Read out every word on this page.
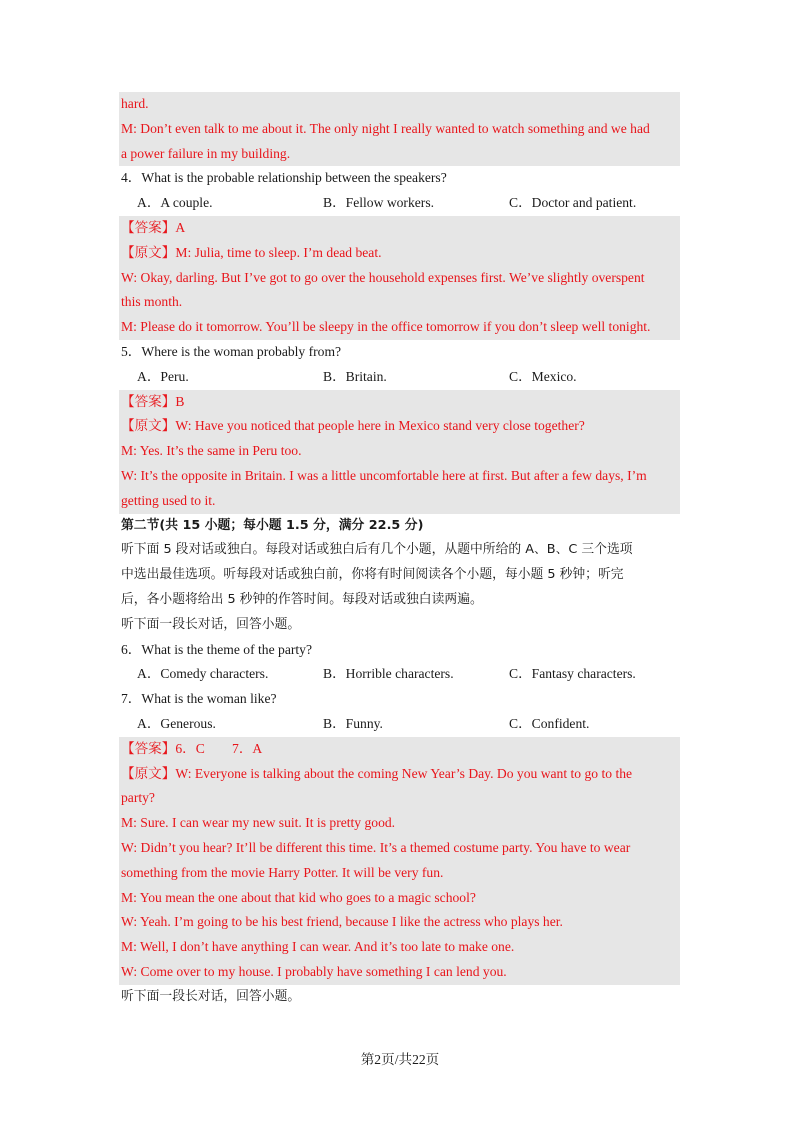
hard.
M: Don’t even talk to me about it. The only night I really wanted to watch something and we had
a power failure in my building.
4．What is the probable relationship between the speakers?
A．A couple.	B．Fellow workers.	C．Doctor and patient.
【答案】A
【原文】M: Julia, time to sleep. I’m dead beat.
W: Okay, darling. But I’ve got to go over the household expenses first. We’ve slightly overspent
this month.
M: Please do it tomorrow. You’ll be sleepy in the office tomorrow if you don’t sleep well tonight.
5．Where is the woman probably from?
A．Peru.	B．Britain.	C．Mexico.
【答案】B
【原文】W: Have you noticed that people here in Mexico stand very close together?
M: Yes. It’s the same in Peru too.
W: It’s the opposite in Britain. I was a little uncomfortable here at first. But after a few days, I’m
getting used to it.
第二节(共 15 小题；每小题 1.5 分，满分 22.5 分)
听下面 5 段对话或独白。每段对话或独白后有几个小题，从题中所给的 A、B、C 三个选项
中选出最佳选项。听每段对话或独白前，你将有时间阅读各个小题，每小题 5 秒钟；听完
后，各小题将给出 5 秒钟的作答时间。每段对话或独白读两遍。
听下面一段长对话，回答小题。
6．What is the theme of the party?
A．Comedy characters.	B．Horrible characters.	C．Fantasy characters.
7．What is the woman like?
A．Generous.	B．Funny.	C．Confident.
【答案】6．C　　7．A
【原文】W: Everyone is talking about the coming New Year’s Day. Do you want to go to the
party?
M: Sure. I can wear my new suit. It is pretty good.
W: Didn’t you hear? It’ll be different this time. It’s a themed costume party. You have to wear
something from the movie Harry Potter. It will be very fun.
M: You mean the one about that kid who goes to a magic school?
W: Yeah. I’m going to be his best friend, because I like the actress who plays her.
M: Well, I don’t have anything I can wear. And it’s too late to make one.
W: Come over to my house. I probably have something I can lend you.
听下面一段长对话，回答小题。
第2页/共22页
